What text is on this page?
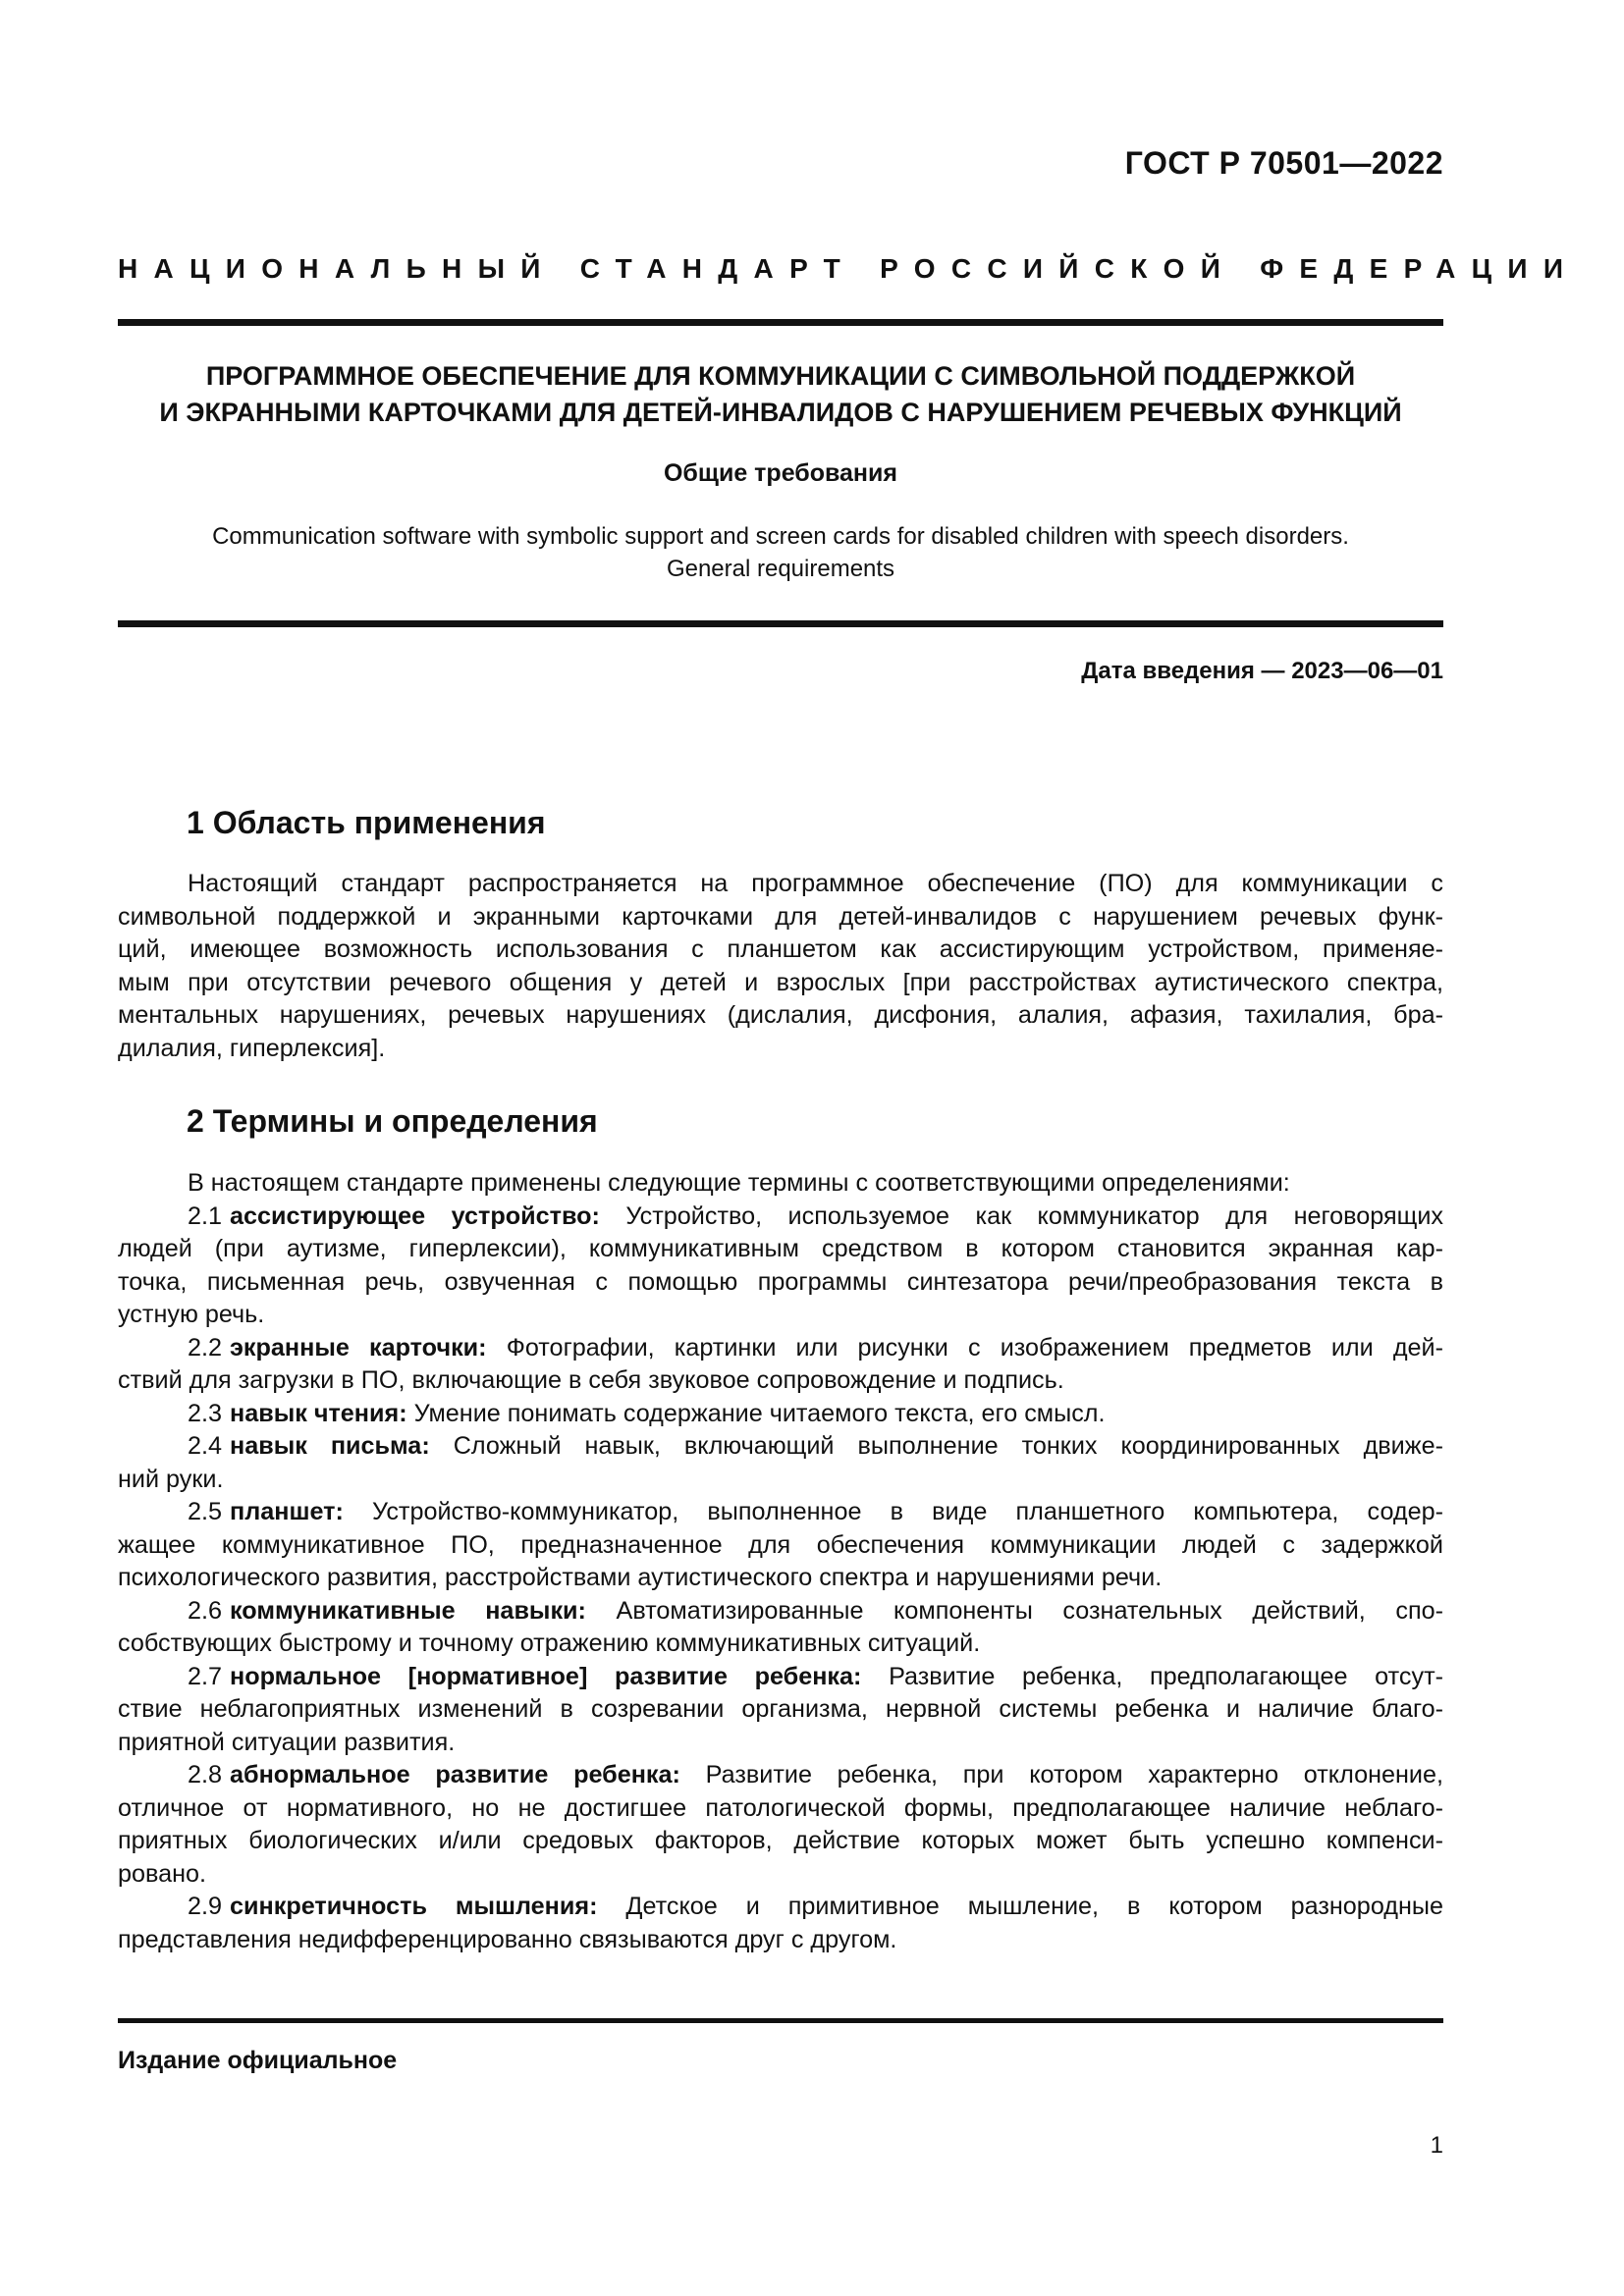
ГОСТ Р 70501—2022
НАЦИОНАЛЬНЫЙ СТАНДАРТ РОССИЙСКОЙ ФЕДЕРАЦИИ
ПРОГРАММНОЕ ОБЕСПЕЧЕНИЕ ДЛЯ КОММУНИКАЦИИ С СИМВОЛЬНОЙ ПОДДЕРЖКОЙ
И ЭКРАННЫМИ КАРТОЧКАМИ ДЛЯ ДЕТЕЙ-ИНВАЛИДОВ С НАРУШЕНИЕМ РЕЧЕВЫХ ФУНКЦИЙ
Общие требования
Communication software with symbolic support and screen cards for disabled children with speech disorders.
General requirements
Дата введения — 2023—06—01
1 Область применения
Настоящий стандарт распространяется на программное обеспечение (ПО) для коммуникации с
символьной поддержкой и экранными карточками для детей-инвалидов с нарушением речевых функ-
ций, имеющее возможность использования с планшетом как ассистирующим устройством, применяе-
мым при отсутствии речевого общения у детей и взрослых [при расстройствах аутистического спектра,
ментальных нарушениях, речевых нарушениях (дислалия, дисфония, алалия, афазия, тахилалия, бра-
дилалия, гиперлексия].
2 Термины и определения
В настоящем стандарте применены следующие термины с соответствующими определениями:
2.1 ассистирующее устройство: Устройство, используемое как коммуникатор для неговорящих
людей (при аутизме, гиперлексии), коммуникативным средством в котором становится экранная кар-
точка, письменная речь, озвученная с помощью программы синтезатора речи/преобразования текста в
устную речь.
2.2 экранные карточки: Фотографии, картинки или рисунки с изображением предметов или дей-
ствий для загрузки в ПО, включающие в себя звуковое сопровождение и подпись.
2.3 навык чтения: Умение понимать содержание читаемого текста, его смысл.
2.4 навык письма: Сложный навык, включающий выполнение тонких координированных движе-
ний руки.
2.5 планшет: Устройство-коммуникатор, выполненное в виде планшетного компьютера, содер-
жащее коммуникативное ПО, предназначенное для обеспечения коммуникации людей с задержкой
психологического развития, расстройствами аутистического спектра и нарушениями речи.
2.6 коммуникативные навыки: Автоматизированные компоненты сознательных действий, спо-
собствующих быстрому и точному отражению коммуникативных ситуаций.
2.7 нормальное [нормативное] развитие ребенка: Развитие ребенка, предполагающее отсут-
ствие неблагоприятных изменений в созревании организма, нервной системы ребенка и наличие благо-
приятной ситуации развития.
2.8 абнормальное развитие ребенка: Развитие ребенка, при котором характерно отклонение,
отличное от нормативного, но не достигшее патологической формы, предполагающее наличие неблаго-
приятных биологических и/или средовых факторов, действие которых может быть успешно компенси-
ровано.
2.9 синкретичность мышления: Детское и примитивное мышление, в котором разнородные
представления недифференцированно связываются друг с другом.
Издание официальное
1
